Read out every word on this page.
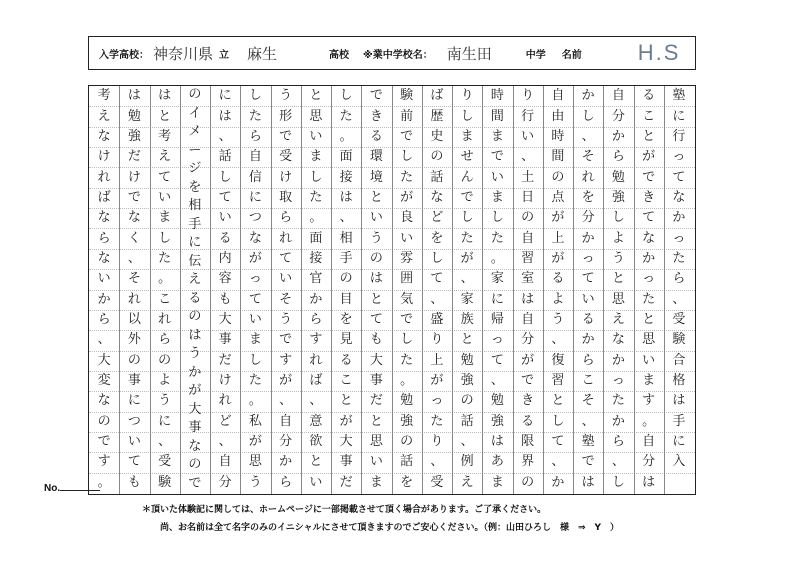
入学高校： 神奈川県 立 麻生	高校 ※業中学校名： 南生田	中学 名前	H.S
塾
に
行
っ
て
な
か
っ
た
ら
、
受
験
合
格
は
手
に
入
る
こ
と
が
で
き
て
な
か
っ
た
と
思
い
ま
す
。
自
分
は
自
分
か
ら
勉
強
し
よ
う
と
思
え
な
か
っ
た
か
ら
、
し
か
し
、
そ
れ
を
分
か
っ
て
い
る
か
ら
こ
そ
、
塾
で
は
自
由
時
間
の
点
が
上
が
る
よ
う
、
復
習
と
し
て
、
か
り
行
い
、
土
日
の
自
習
室
は
自
分
が
で
き
る
限
界
の
時
間
ま
で
い
ま
し
た
。
家
に
帰
っ
て
、
勉
強
は
あ
ま
り
し
ま
せ
ん
で
し
た
が
、
家
族
と
勉
強
の
話
、
例
え
ば
歴
史
の
話
な
ど
を
し
て
、
盛
り
上
が
っ
た
り
、
受
験
前
で
し
た
が
良
い
雰
囲
気
で
し
た
。
勉
強
の
話
を
で
き
る
環
境
と
い
う
の
は
と
て
も
大
事
だ
と
思
い
ま
し
た
。
面
接
は
、
相
手
の
目
を
見
る
こ
と
が
大
事
だ
と
思
い
ま
し
た
。
面
接
官
か
ら
す
れ
ば
、
意
欲
と
い
う
形
で
受
け
取
ら
れ
て
い
そ
う
で
す
が
、
自
分
か
ら
し
た
ら
自
信
に
つ
な
が
っ
て
い
ま
し
た
。
私
が
思
う
に
は
、
話
し
て
い
る
内
容
も
大
事
だ
け
れ
ど
、
自
分
の
イ
メ
ー
ジ
を
相
手
に
伝
え
る
の
は
う
か
が
大
事
な
の
で
は
と
考
え
て
い
ま
し
た
。
こ
れ
ら
の
よ
う
に
、
受
験
は
勉
強
だ
け
で
な
く
、
そ
れ
以
外
の
事
に
つ
い
て
も
考
え
な
け
れ
ば
な
ら
な
い
か
ら
、
大
変
な
の
で
す
。
No.
＊頂いた体験記に関しては、ホームページに一部掲載させて頂く場合があります。ご了承ください。
尚、お名前は全て名字のみのイニシャルにさせて頂きますのでご安心ください。（例：山田ひろし　様　⇒　Y　）
